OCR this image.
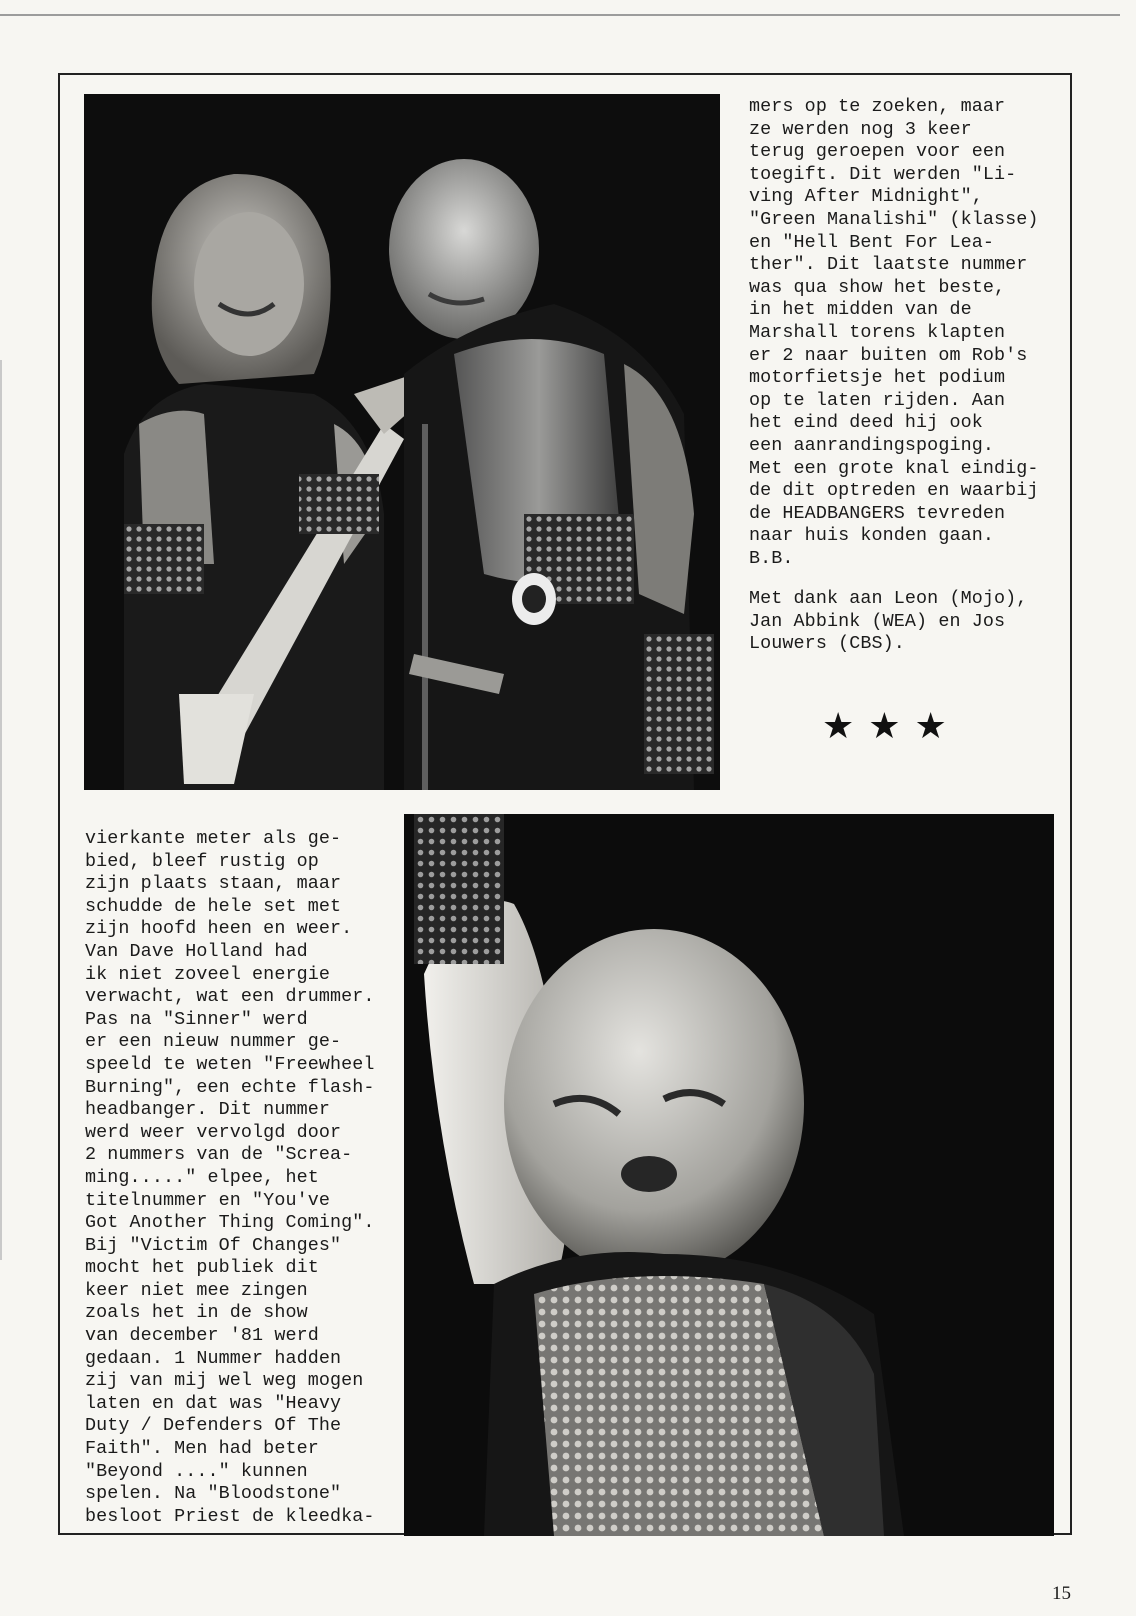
mers op te zoeken, maar
ze werden nog 3 keer
terug geroepen voor een
toegift. Dit werden "Li-
ving After Midnight",
"Green Manalishi" (klasse)
en "Hell Bent For Lea-
ther". Dit laatste nummer
was qua show het beste,
in het midden van de
Marshall torens klapten
er 2 naar buiten om Rob's
motorfietsje het podium
op te laten rijden. Aan
het eind deed hij ook
een aanrandingspoging.
Met een grote knal eindig-
de dit optreden en waarbij
de HEADBANGERS tevreden
naar huis konden gaan.
B.B.

Met dank aan Leon (Mojo),
Jan Abbink (WEA) en Jos
Louwers (CBS).

★★★

vierkante meter als ge-
bied, bleef rustig op
zijn plaats staan, maar
schudde de hele set met
zijn hoofd heen en weer.
Van Dave Holland had
ik niet zoveel energie
verwacht, wat een drummer.
Pas na "Sinner" werd
er een nieuw nummer ge-
speeld te weten "Freewheel
Burning", een echte flash-
headbanger. Dit nummer
werd weer vervolgd door
2 nummers van de "Screa-
ming....." elpee, het
titelnummer en "You've
Got Another Thing Coming".
Bij "Victim Of Changes"
mocht het publiek dit
keer niet mee zingen
zoals het in de show
van december '81 werd
gedaan. 1 Nummer hadden
zij van mij wel weg mogen
laten en dat was "Heavy
Duty / Defenders Of The
Faith". Men had beter
"Beyond ...." kunnen
spelen. Na "Bloodstone"
besloot Priest de kleedka-

15
